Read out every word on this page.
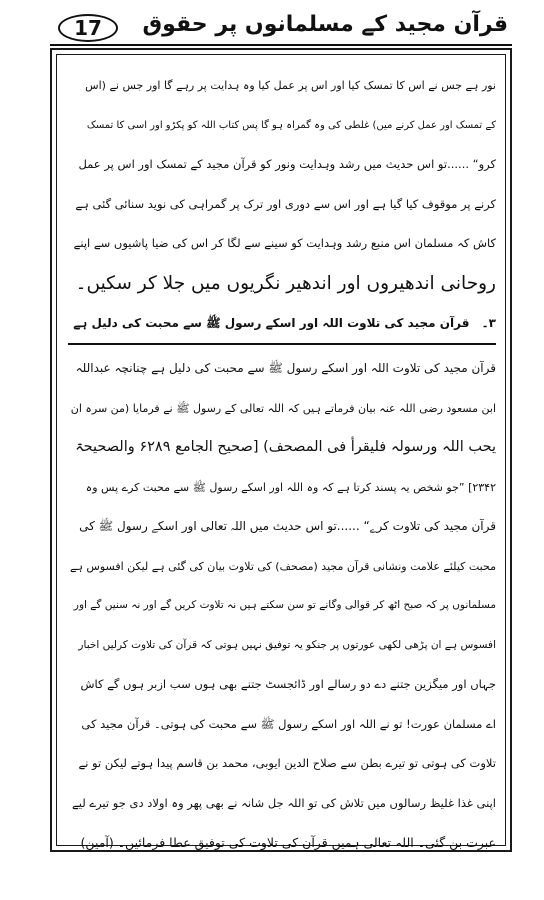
17	قرآن مجید کے مسلمانوں پر حقوق
نور ہے جس نے اس کا تمسک کیا اور اس پر عمل کیا وہ ہدایت پر رہے گا اور جس نے (اس
کے تمسک اور عمل کرنے میں) غلطی کی وہ گمراہ ہو گا پس کتاب اللہ کو پکڑو اور اسی کا تمسک
کرو“ ......تو اس حدیث میں رشد وہدایت ونور کو قرآن مجید کے تمسک اور اس پر عمل
کرنے پر موقوف کیا گیا ہے اور اس سے دوری اور ترک پر گمراہی کی نوید سنائی گئی ہے
کاش کہ مسلمان اس منبع رشد وہدایت کو سینے سے لگا کر اس کی ضیا پاشیوں سے اپنے
روحانی اندھیروں اور اندھیر نگریوں میں جلا کر سکیں۔
۳۔ قرآن مجید کی تلاوت اللہ اور اسکے رسول ﷺ سے محبت کی دلیل ہے
قرآن مجید کی تلاوت اللہ اور اسکے رسول ﷺ سے محبت کی دلیل ہے چنانچہ عبداللہ
ابن مسعود رضی اللہ عنہ بیان فرماتے ہیں کہ اللہ تعالی کے رسول ﷺ نے فرمایا (من سرہ ان
یحب اللہ ورسولہ فلیقرأ فی المصحف) [صحیح الجامع ۶۲۸۹ والصحیحۃ
۲۳۴۲] ”جو شخص یہ پسند کرتا ہے کہ وہ اللہ اور اسکے رسول ﷺ سے محبت کرے پس وہ
قرآن مجید کی تلاوت کرے“ ......تو اس حدیث میں اللہ تعالی اور اسکے رسول ﷺ کی
محبت کیلئے علامت ونشانی قرآن مجید (مصحف) کی تلاوت بیان کی گئی ہے لیکن افسوس ہے
مسلمانوں پر کہ صبح اٹھ کر قوالی وگانے تو سن سکتے ہیں نہ تلاوت کریں گے اور نہ سنیں گے اور
افسوس ہے ان پڑھی لکھی عورتوں پر جنکو یہ توفیق نہیں ہوتی کہ قرآن کی تلاوت کرلیں اخبار
جہاں اور میگزین جتنے دے دو رسالے اور ڈائجسٹ جتنے بھی ہوں سب ازبر ہوں گے کاش
اے مسلمان عورت! تو نے اللہ اور اسکے رسول ﷺ سے محبت کی ہوتی۔ قرآن مجید کی
تلاوت کی ہوتی تو تیرے بطن سے صلاح الدین ایوبی، محمد بن قاسم پیدا ہوتے لیکن تو نے
اپنی غذا غلیظ رسالوں میں تلاش کی تو اللہ جل شانہ نے بھی پھر وہ اولاد دی جو تیرے لیے
عبرت بن گئی۔ اللہ تعالی ہمیں قرآن کی تلاوت کی توفیق عطا فرمائیں۔ (آمین)
